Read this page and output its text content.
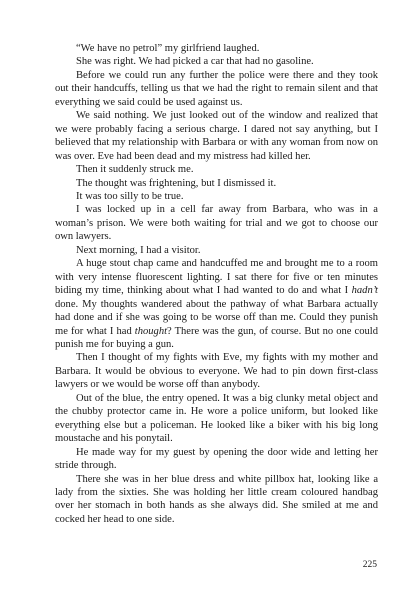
“We have no petrol” my girlfriend laughed.

She was right. We had picked a car that had no gasoline.

Before we could run any further the police were there and they took out their handcuffs, telling us that we had the right to remain silent and that everything we said could be used against us.

We said nothing. We just looked out of the window and realized that we were probably facing a serious charge. I dared not say anything, but I believed that my relationship with Barbara or with any woman from now on was over. Eve had been dead and my mistress had killed her.

Then it suddenly struck me.

The thought was frightening, but I dismissed it.

It was too silly to be true.

I was locked up in a cell far away from Barbara, who was in a woman’s prison. We were both waiting for trial and we got to choose our own lawyers.

Next morning, I had a visitor.

A huge stout chap came and handcuffed me and brought me to a room with very intense fluorescent lighting. I sat there for five or ten minutes biding my time, thinking about what I had wanted to do and what I hadn’t done. My thoughts wandered about the pathway of what Barbara actually had done and if she was going to be worse off than me. Could they punish me for what I had thought? There was the gun, of course. But no one could punish me for buying a gun.

Then I thought of my fights with Eve, my fights with my mother and Barbara. It would be obvious to everyone. We had to pin down first-class lawyers or we would be worse off than anybody.

Out of the blue, the entry opened. It was a big clunky metal object and the chubby protector came in. He wore a police uniform, but looked like everything else but a policeman. He looked like a biker with his big long moustache and his ponytail.

He made way for my guest by opening the door wide and letting her stride through.

There she was in her blue dress and white pillbox hat, looking like a lady from the sixties. She was holding her little cream coloured handbag over her stomach in both hands as she always did. She smiled at me and cocked her head to one side.

225
